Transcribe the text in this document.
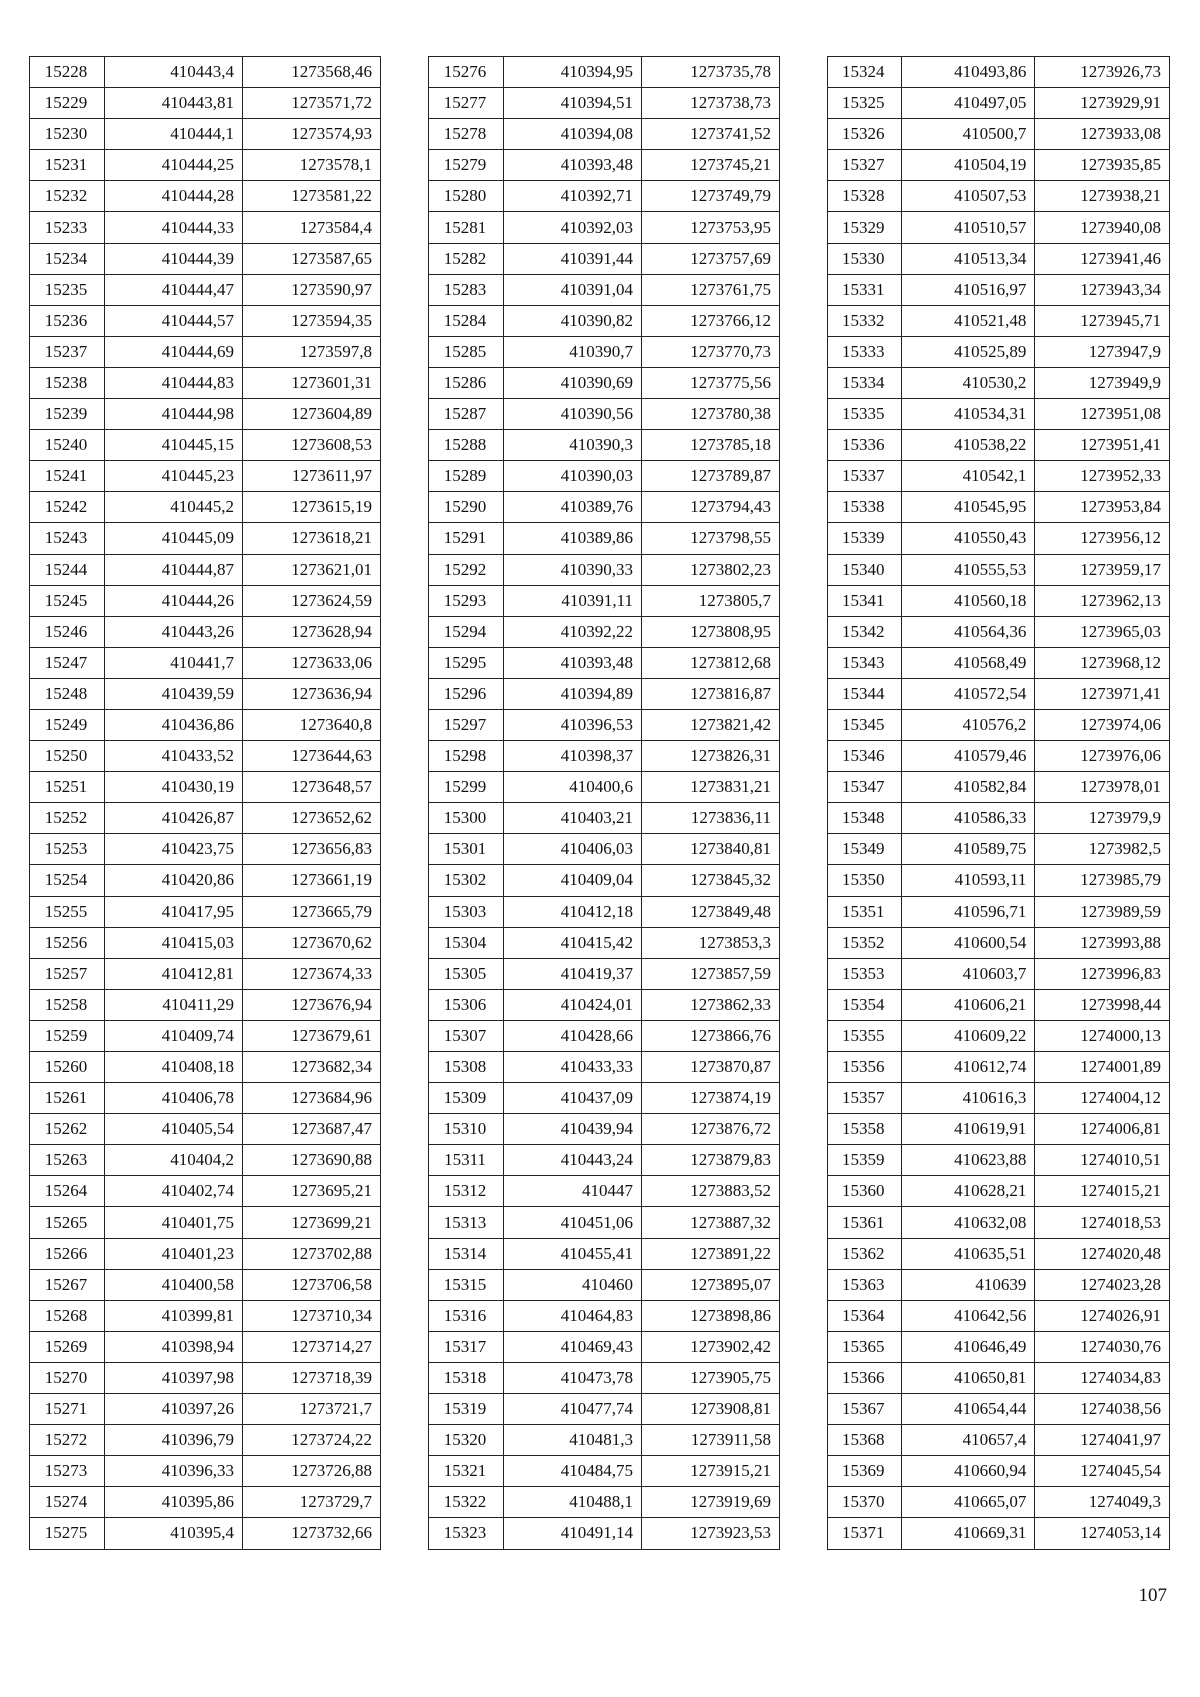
15228	410443,4	1273568,46
15229	410443,81	1273571,72
15230	410444,1	1273574,93
15231	410444,25	1273578,1
15232	410444,28	1273581,22
15233	410444,33	1273584,4
15234	410444,39	1273587,65
15235	410444,47	1273590,97
15236	410444,57	1273594,35
15237	410444,69	1273597,8
15238	410444,83	1273601,31
15239	410444,98	1273604,89
15240	410445,15	1273608,53
15241	410445,23	1273611,97
15242	410445,2	1273615,19
15243	410445,09	1273618,21
15244	410444,87	1273621,01
15245	410444,26	1273624,59
15246	410443,26	1273628,94
15247	410441,7	1273633,06
15248	410439,59	1273636,94
15249	410436,86	1273640,8
15250	410433,52	1273644,63
15251	410430,19	1273648,57
15252	410426,87	1273652,62
15253	410423,75	1273656,83
15254	410420,86	1273661,19
15255	410417,95	1273665,79
15256	410415,03	1273670,62
15257	410412,81	1273674,33
15258	410411,29	1273676,94
15259	410409,74	1273679,61
15260	410408,18	1273682,34
15261	410406,78	1273684,96
15262	410405,54	1273687,47
15263	410404,2	1273690,88
15264	410402,74	1273695,21
15265	410401,75	1273699,21
15266	410401,23	1273702,88
15267	410400,58	1273706,58
15268	410399,81	1273710,34
15269	410398,94	1273714,27
15270	410397,98	1273718,39
15271	410397,26	1273721,7
15272	410396,79	1273724,22
15273	410396,33	1273726,88
15274	410395,86	1273729,7
15275	410395,4	1273732,66
15276	410394,95	1273735,78
15277	410394,51	1273738,73
15278	410394,08	1273741,52
15279	410393,48	1273745,21
15280	410392,71	1273749,79
15281	410392,03	1273753,95
15282	410391,44	1273757,69
15283	410391,04	1273761,75
15284	410390,82	1273766,12
15285	410390,7	1273770,73
15286	410390,69	1273775,56
15287	410390,56	1273780,38
15288	410390,3	1273785,18
15289	410390,03	1273789,87
15290	410389,76	1273794,43
15291	410389,86	1273798,55
15292	410390,33	1273802,23
15293	410391,11	1273805,7
15294	410392,22	1273808,95
15295	410393,48	1273812,68
15296	410394,89	1273816,87
15297	410396,53	1273821,42
15298	410398,37	1273826,31
15299	410400,6	1273831,21
15300	410403,21	1273836,11
15301	410406,03	1273840,81
15302	410409,04	1273845,32
15303	410412,18	1273849,48
15304	410415,42	1273853,3
15305	410419,37	1273857,59
15306	410424,01	1273862,33
15307	410428,66	1273866,76
15308	410433,33	1273870,87
15309	410437,09	1273874,19
15310	410439,94	1273876,72
15311	410443,24	1273879,83
15312	410447	1273883,52
15313	410451,06	1273887,32
15314	410455,41	1273891,22
15315	410460	1273895,07
15316	410464,83	1273898,86
15317	410469,43	1273902,42
15318	410473,78	1273905,75
15319	410477,74	1273908,81
15320	410481,3	1273911,58
15321	410484,75	1273915,21
15322	410488,1	1273919,69
15323	410491,14	1273923,53
15324	410493,86	1273926,73
15325	410497,05	1273929,91
15326	410500,7	1273933,08
15327	410504,19	1273935,85
15328	410507,53	1273938,21
15329	410510,57	1273940,08
15330	410513,34	1273941,46
15331	410516,97	1273943,34
15332	410521,48	1273945,71
15333	410525,89	1273947,9
15334	410530,2	1273949,9
15335	410534,31	1273951,08
15336	410538,22	1273951,41
15337	410542,1	1273952,33
15338	410545,95	1273953,84
15339	410550,43	1273956,12
15340	410555,53	1273959,17
15341	410560,18	1273962,13
15342	410564,36	1273965,03
15343	410568,49	1273968,12
15344	410572,54	1273971,41
15345	410576,2	1273974,06
15346	410579,46	1273976,06
15347	410582,84	1273978,01
15348	410586,33	1273979,9
15349	410589,75	1273982,5
15350	410593,11	1273985,79
15351	410596,71	1273989,59
15352	410600,54	1273993,88
15353	410603,7	1273996,83
15354	410606,21	1273998,44
15355	410609,22	1274000,13
15356	410612,74	1274001,89
15357	410616,3	1274004,12
15358	410619,91	1274006,81
15359	410623,88	1274010,51
15360	410628,21	1274015,21
15361	410632,08	1274018,53
15362	410635,51	1274020,48
15363	410639	1274023,28
15364	410642,56	1274026,91
15365	410646,49	1274030,76
15366	410650,81	1274034,83
15367	410654,44	1274038,56
15368	410657,4	1274041,97
15369	410660,94	1274045,54
15370	410665,07	1274049,3
15371	410669,31	1274053,14
107
